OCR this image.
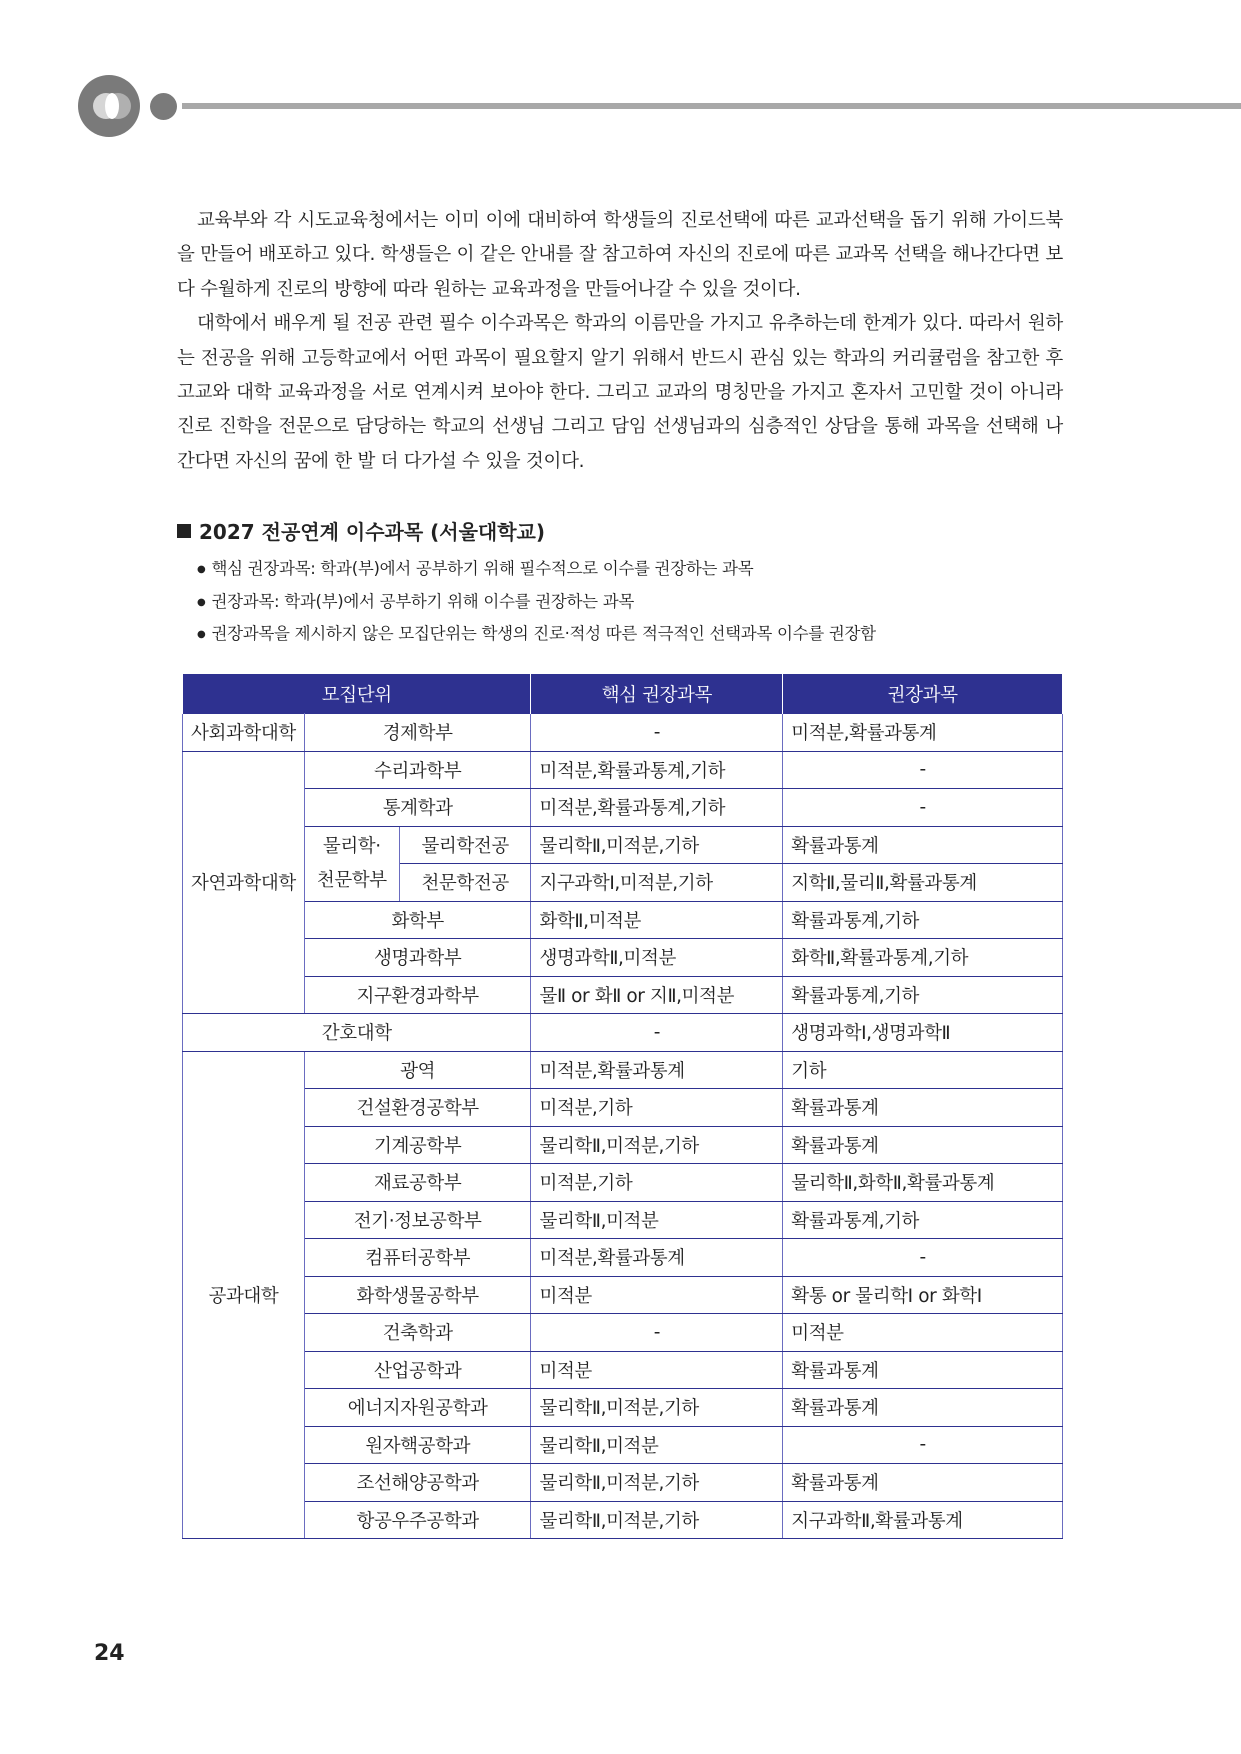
교육부와 각 시도교육청에서는 이미 이에 대비하여 학생들의 진로선택에 따른 교과선택을 돕기 위해 가이드북을 만들어 배포하고 있다. 학생들은 이 같은 안내를 잘 참고하여 자신의 진로에 따른 교과목 선택을 해나간다면 보다 수월하게 진로의 방향에 따라 원하는 교육과정을 만들어나갈 수 있을 것이다.

대학에서 배우게 될 전공 관련 필수 이수과목은 학과의 이름만을 가지고 유추하는데 한계가 있다. 따라서 원하는 전공을 위해 고등학교에서 어떤 과목이 필요할지 알기 위해서 반드시 관심 있는 학과의 커리큘럼을 참고한 후 고교와 대학 교육과정을 서로 연계시켜 보아야 한다. 그리고 교과의 명칭만을 가지고 혼자서 고민할 것이 아니라 진로 진학을 전문으로 담당하는 학교의 선생님 그리고 담임 선생님과의 심층적인 상담을 통해 과목을 선택해 나간다면 자신의 꿈에 한 발 더 다가설 수 있을 것이다.

2027 전공연계 이수과목 (서울대학교)
● 핵심 권장과목: 학과(부)에서 공부하기 위해 필수적으로 이수를 권장하는 과목
● 권장과목: 학과(부)에서 공부하기 위해 이수를 권장하는 과목
● 권장과목을 제시하지 않은 모집단위는 학생의 진로·적성 따른 적극적인 선택과목 이수를 권장함
모집단위			핵심 권장과목	권장과목
사회과학대학	경제학부		-	미적분,확률과통계
자연과학대학	수리과학부		미적분,확률과통계,기하	-
	통계학과		미적분,확률과통계,기하	-
	물리학· 천문학부	물리학전공	물리학Ⅱ,미적분,기하	확률과통계
		천문학전공	지구과학Ⅰ,미적분,기하	지학Ⅱ,물리Ⅱ,확률과통계
	화학부		화학Ⅱ,미적분	확률과통계,기하
	생명과학부		생명과학Ⅱ,미적분	화학Ⅱ,확률과통계,기하
	지구환경과학부		물Ⅱ or 화Ⅱ or 지Ⅱ,미적분	확률과통계,기하
간호대학			-	생명과학Ⅰ,생명과학Ⅱ
공과대학	광역		미적분,확률과통계	기하
	건설환경공학부		미적분,기하	확률과통계
	기계공학부		물리학Ⅱ,미적분,기하	확률과통계
	재료공학부		미적분,기하	물리학Ⅱ,화학Ⅱ,확률과통계
	전기·정보공학부		물리학Ⅱ,미적분	확률과통계,기하
	컴퓨터공학부		미적분,확률과통계	-
	화학생물공학부		미적분	확통 or 물리학Ⅰ or 화학Ⅰ
	건축학과		-	미적분
	산업공학과		미적분	확률과통계
	에너지자원공학과		물리학Ⅱ,미적분,기하	확률과통계
	원자핵공학과		물리학Ⅱ,미적분	-
	조선해양공학과		물리학Ⅱ,미적분,기하	확률과통계
	항공우주공학과		물리학Ⅱ,미적분,기하	지구과학Ⅱ,확률과통계
24
